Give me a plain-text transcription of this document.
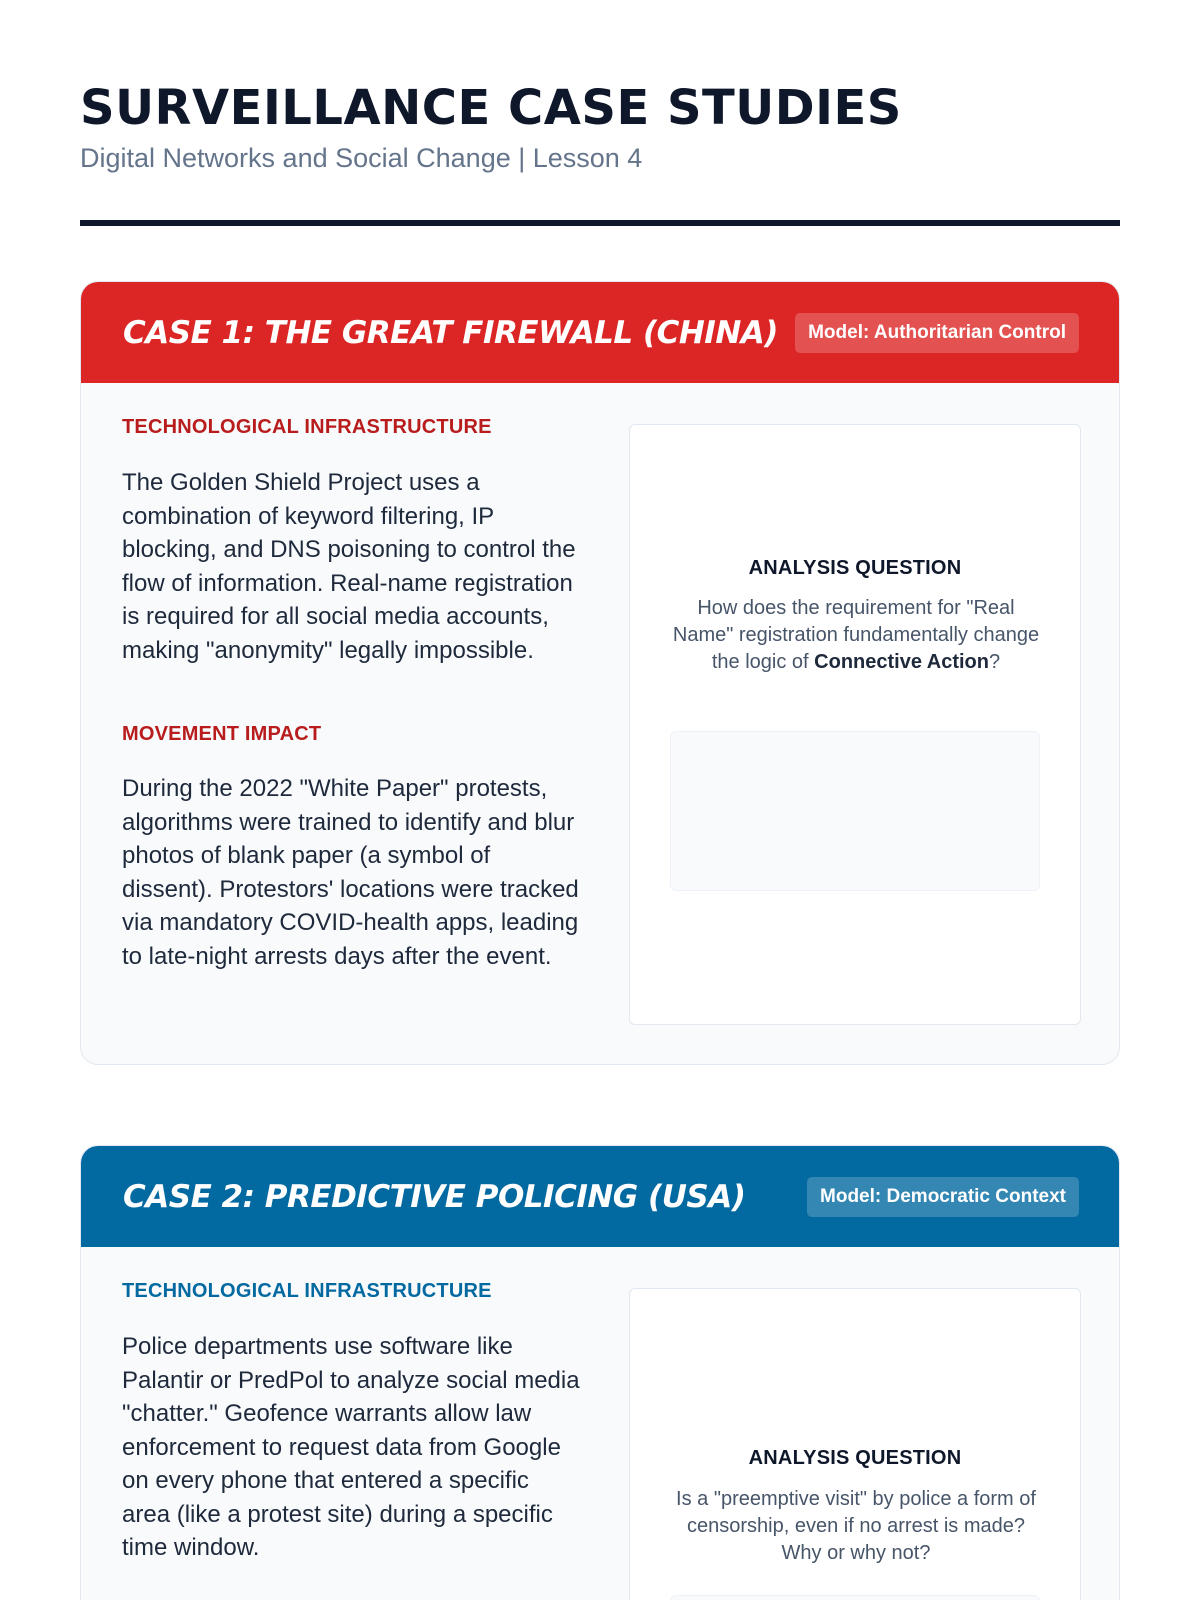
SURVEILLANCE CASE STUDIES
Digital Networks and Social Change | Lesson 4
CASE 1: THE GREAT FIREWALL (CHINA)	Model: Authoritarian Control
TECHNOLOGICAL INFRASTRUCTURE

The Golden Shield Project uses a combination of keyword filtering, IP blocking, and DNS poisoning to control the flow of information. Real-name registration is required for all social media accounts, making "anonymity" legally impossible.

MOVEMENT IMPACT

During the 2022 "White Paper" protests, algorithms were trained to identify and blur photos of blank paper (a symbol of dissent). Protestors' locations were tracked via mandatory COVID-health apps, leading to late-night arrests days after the event.

ANALYSIS QUESTION

How does the requirement for "Real Name" registration fundamentally change the logic of Connective Action?

CASE 2: PREDICTIVE POLICING (USA)	Model: Democratic Context
TECHNOLOGICAL INFRASTRUCTURE

Police departments use software like Palantir or PredPol to analyze social media "chatter." Geofence warrants allow law enforcement to request data from Google on every phone that entered a specific area (like a protest site) during a specific time window.

ANALYSIS QUESTION

Is a "preemptive visit" by police a form of censorship, even if no arrest is made? Why or why not?
